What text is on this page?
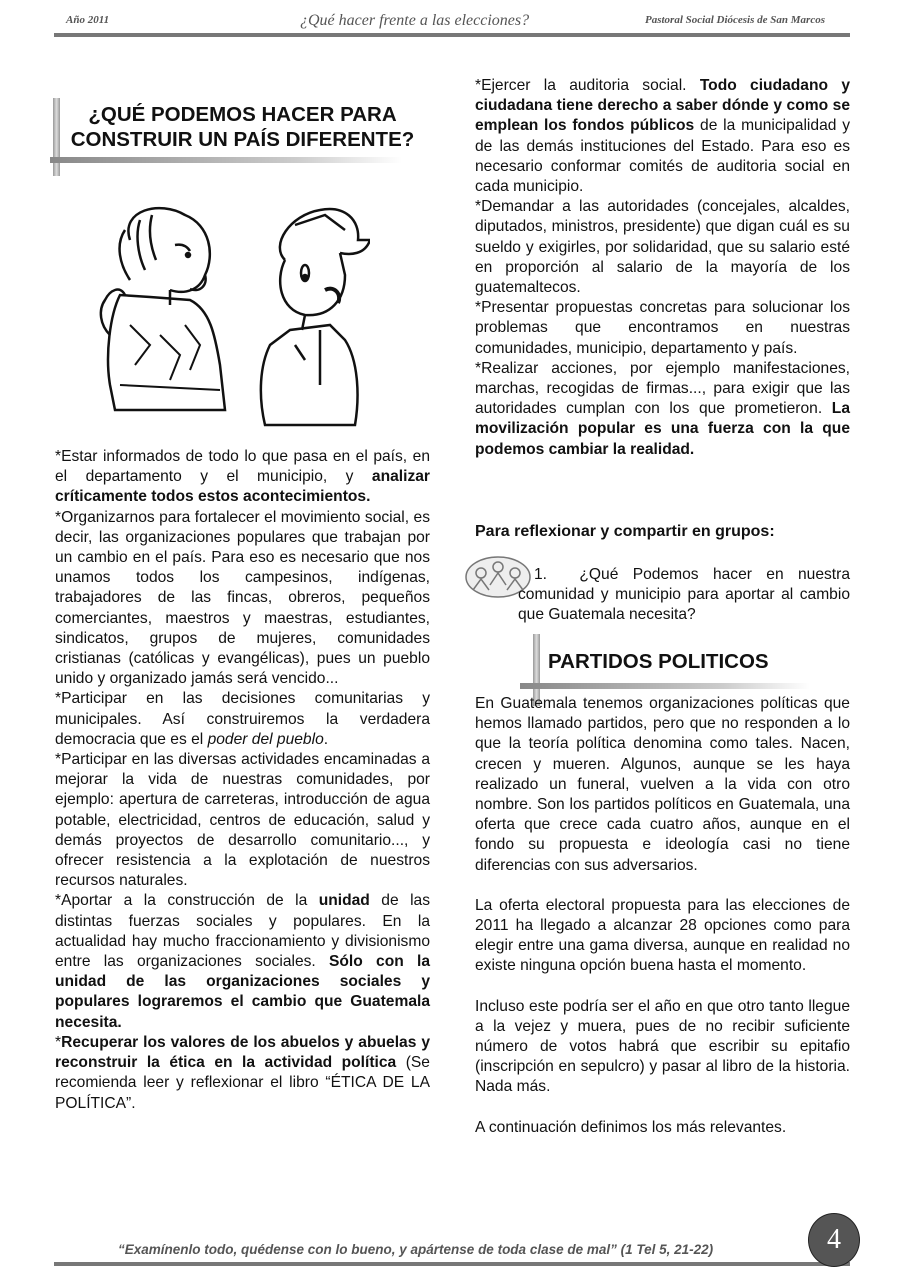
Año 2011	¿Qué hacer frente a las elecciones?	Pastoral Social Diócesis de San Marcos
¿QUÉ PODEMOS HACER PARA
CONSTRUIR UN PAÍS DIFERENTE?

*Estar informados de todo lo que pasa en el país, en el departamento y el municipio, y analizar críticamente todos estos acontecimientos.

*Organizarnos para fortalecer el movimiento social, es decir, las organizaciones populares que trabajan por un cambio en el país. Para eso es necesario que nos unamos todos los campesinos, indígenas, trabajadores de las fincas, obreros, pequeños comerciantes, maestros y maestras, estudiantes, sindicatos, grupos de mujeres, comunidades cristianas (católicas y evangélicas), pues un pueblo unido y organizado jamás será vencido...

*Participar en las decisiones comunitarias y municipales. Así construiremos la verdadera democracia que es el poder del pueblo.

*Participar en las diversas actividades encaminadas a mejorar la vida de nuestras comunidades, por ejemplo: apertura de carreteras, introducción de agua potable, electricidad, centros de educación, salud y demás proyectos de desarrollo comunitario..., y ofrecer resistencia a la explotación de nuestros recursos naturales.

*Aportar a la construcción de la unidad de las distintas fuerzas sociales y populares. En la actualidad hay mucho fraccionamiento y divisionismo entre las organizaciones sociales. Sólo con la unidad de las organizaciones sociales y populares lograremos el cambio que Guatemala necesita.

*Recuperar los valores de los abuelos y abuelas y reconstruir la ética en la actividad política (Se recomienda leer y reflexionar el libro “ÉTICA DE LA POLÍTICA”.

*Ejercer la auditoria social. Todo ciudadano y ciudadana tiene derecho a saber dónde y como se emplean los fondos públicos de la municipalidad y de las demás instituciones del Estado. Para eso es necesario conformar comités de auditoria social en cada municipio.

*Demandar a las autoridades (concejales, alcaldes, diputados, ministros, presidente) que digan cuál es su sueldo y exigirles, por solidaridad, que su salario esté en proporción al salario de la mayoría de los guatemaltecos.

*Presentar propuestas concretas para solucionar los problemas que encontramos en nuestras comunidades, municipio, departamento y país.

*Realizar acciones, por ejemplo manifestaciones, marchas, recogidas de firmas..., para exigir que las autoridades cumplan con los que prometieron. La movilización popular es una fuerza con la que podemos cambiar la realidad.

Para reflexionar y compartir en grupos:
1. ¿Qué Podemos hacer en nuestra comunidad y municipio para aportar al cambio que Guatemala necesita?
PARTIDOS POLITICOS

En Guatemala tenemos organizaciones políticas que hemos llamado partidos, pero que no responden a lo que la teoría política denomina como tales. Nacen, crecen y mueren. Algunos, aunque se les haya realizado un funeral, vuelven a la vida con otro nombre. Son los partidos políticos en Guatemala, una oferta que crece cada cuatro años, aunque en el fondo su propuesta e ideología casi no tiene diferencias con sus adversarios.

La oferta electoral propuesta para las elecciones de 2011 ha llegado a alcanzar 28 opciones como para elegir entre una gama diversa, aunque en realidad no existe ninguna opción buena hasta el momento.

Incluso este podría ser el año en que otro tanto llegue a la vejez y muera, pues de no recibir suficiente número de votos habrá que escribir su epitafio (inscripción en sepulcro) y pasar al libro de la historia. Nada más.

A continuación definimos los más relevantes.

“Examínenlo todo, quédense con lo bueno, y apártense de toda clase de mal” (1 Tel 5, 21-22)	4
